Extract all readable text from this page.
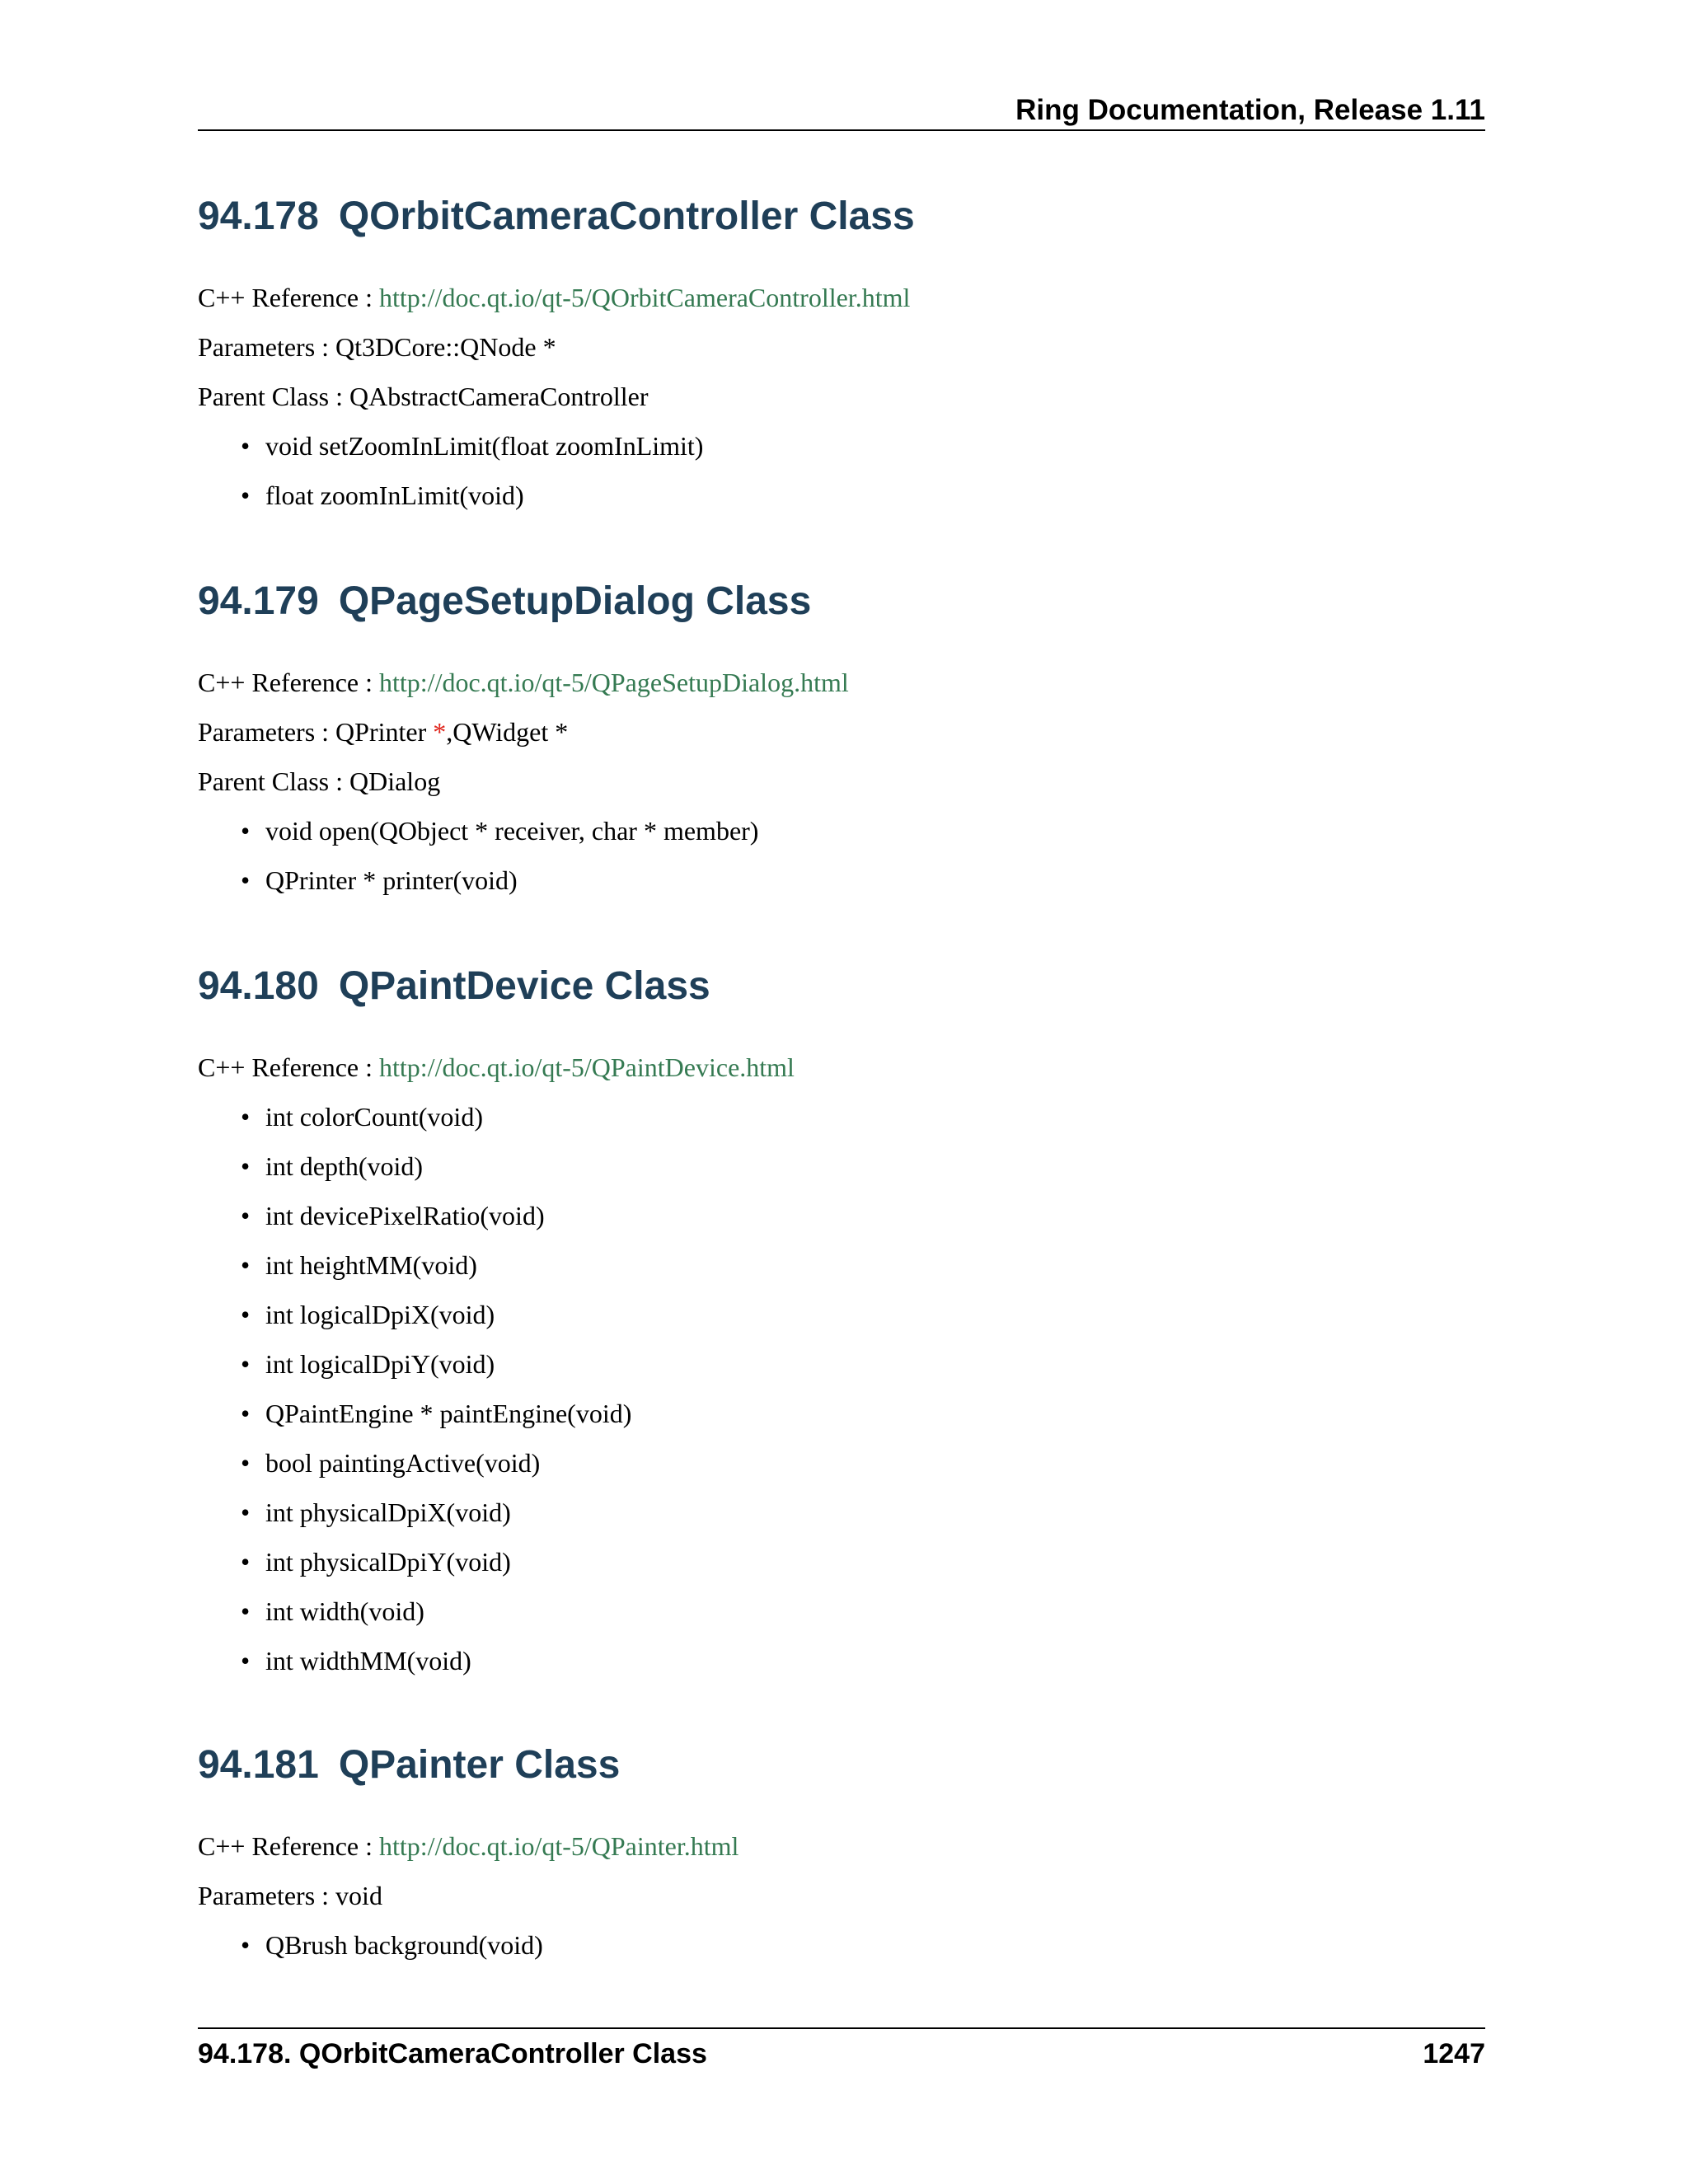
Ring Documentation, Release 1.11
94.178 QOrbitCameraController Class
C++ Reference : http://doc.qt.io/qt-5/QOrbitCameraController.html
Parameters : Qt3DCore::QNode *
Parent Class : QAbstractCameraController
• void setZoomInLimit(float zoomInLimit)
• float zoomInLimit(void)
94.179 QPageSetupDialog Class
C++ Reference : http://doc.qt.io/qt-5/QPageSetupDialog.html
Parameters : QPrinter *,QWidget *
Parent Class : QDialog
• void open(QObject * receiver, char * member)
• QPrinter * printer(void)
94.180 QPaintDevice Class
C++ Reference : http://doc.qt.io/qt-5/QPaintDevice.html
• int colorCount(void)
• int depth(void)
• int devicePixelRatio(void)
• int heightMM(void)
• int logicalDpiX(void)
• int logicalDpiY(void)
• QPaintEngine * paintEngine(void)
• bool paintingActive(void)
• int physicalDpiX(void)
• int physicalDpiY(void)
• int width(void)
• int widthMM(void)
94.181 QPainter Class
C++ Reference : http://doc.qt.io/qt-5/QPainter.html
Parameters : void
• QBrush background(void)
94.178. QOrbitCameraController Class	1247
